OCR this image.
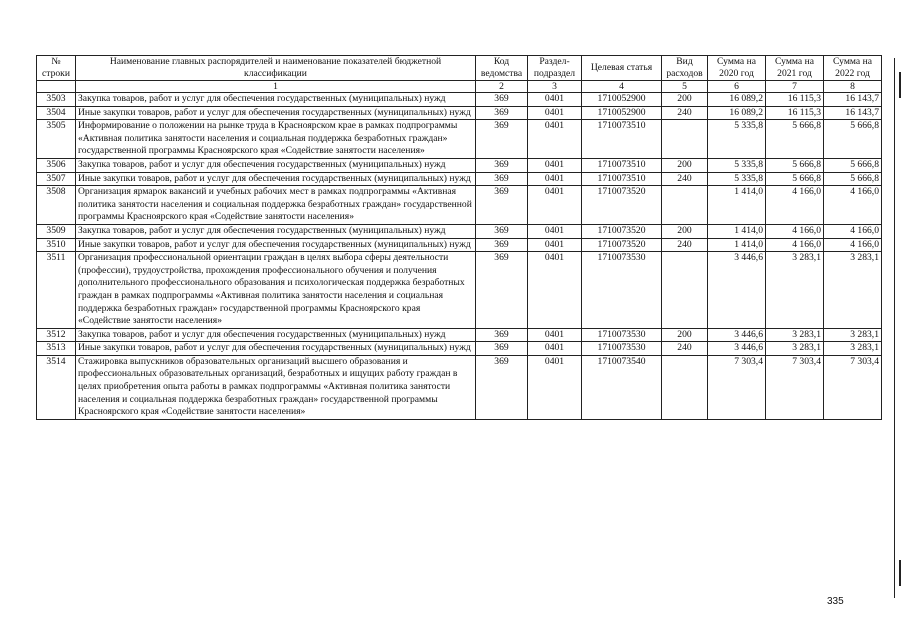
№ строки	Наименование главных распорядителей и наименование показателей бюджетной классификации	Код ведомства	Раздел-подраздел	Целевая статья	Вид расходов	Сумма на 2020 год	Сумма на 2021 год	Сумма на 2022 год
	1	2	3	4	5	6	7	8
3503	Закупка товаров, работ и услуг для обеспечения государственных (муниципальных) нужд	369	0401	1710052900	200	16 089,2	16 115,3	16 143,7
3504	Иные закупки товаров, работ и услуг для обеспечения государственных (муниципальных) нужд	369	0401	1710052900	240	16 089,2	16 115,3	16 143,7
3505	Информирование о положении на рынке труда в Красноярском крае в рамках подпрограммы «Активная политика занятости населения и социальная поддержка безработных граждан» государственной программы Красноярского края «Содействие занятости населения»	369	0401	1710073510		5 335,8	5 666,8	5 666,8
3506	Закупка товаров, работ и услуг для обеспечения государственных (муниципальных) нужд	369	0401	1710073510	200	5 335,8	5 666,8	5 666,8
3507	Иные закупки товаров, работ и услуг для обеспечения государственных (муниципальных) нужд	369	0401	1710073510	240	5 335,8	5 666,8	5 666,8
3508	Организация ярмарок вакансий и учебных рабочих мест в рамках подпрограммы «Активная политика занятости населения и социальная поддержка безработных граждан» государственной программы Красноярского края «Содействие занятости населения»	369	0401	1710073520		1 414,0	4 166,0	4 166,0
3509	Закупка товаров, работ и услуг для обеспечения государственных (муниципальных) нужд	369	0401	1710073520	200	1 414,0	4 166,0	4 166,0
3510	Иные закупки товаров, работ и услуг для обеспечения государственных (муниципальных) нужд	369	0401	1710073520	240	1 414,0	4 166,0	4 166,0
3511	Организация профессиональной ориентации граждан в целях выбора сферы деятельности (профессии), трудоустройства, прохождения профессионального обучения и получения дополнительного профессионального образования и психологическая поддержка безработных граждан в рамках подпрограммы «Активная политика занятости населения и социальная поддержка безработных граждан» государственной программы Красноярского края «Содействие занятости населения»	369	0401	1710073530		3 446,6	3 283,1	3 283,1
3512	Закупка товаров, работ и услуг для обеспечения государственных (муниципальных) нужд	369	0401	1710073530	200	3 446,6	3 283,1	3 283,1
3513	Иные закупки товаров, работ и услуг для обеспечения государственных (муниципальных) нужд	369	0401	1710073530	240	3 446,6	3 283,1	3 283,1
3514	Стажировка выпускников образовательных организаций высшего образования и профессиональных образовательных организаций, безработных и ищущих работу граждан в целях приобретения опыта работы в рамках подпрограммы «Активная политика занятости населения и социальная поддержка безработных граждан» государственной программы Красноярского края «Содействие занятости населения»	369	0401	1710073540		7 303,4	7 303,4	7 303,4
335
